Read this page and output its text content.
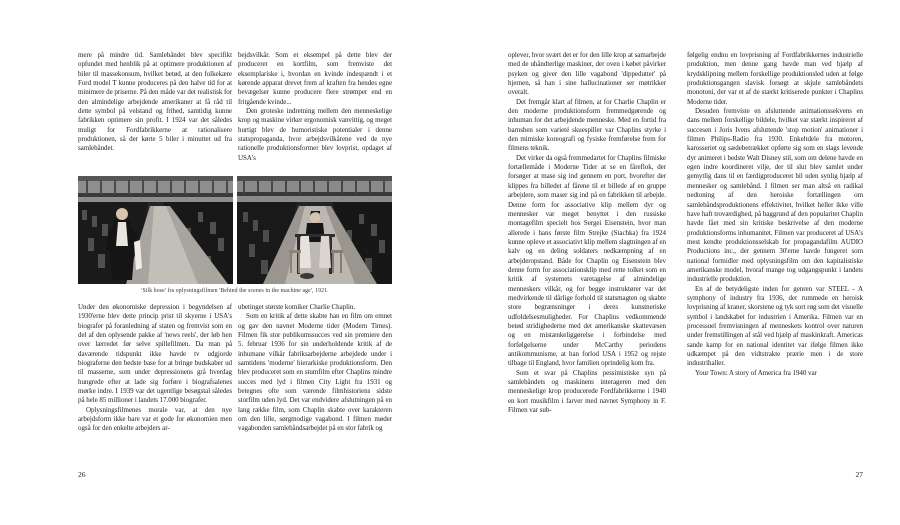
mere på mindre tid. Samlebåndet blev specifikt opfundet med henblik på at optimere produktionen af biler til massekonsum, hvilket betød, at den folkekære Ford model T kunne produceres på den halve tid for at minimere de priserne. På den måde var det realistisk for den almindelige arbejdende amerikaner at få råd til dette symbol på velstand og frihed, samtidig kunne fabrikken optimere sin profit. I 1924 var det således muligt for Fordfabrikkerne at rationalisere produktionen, så der kørte 5 biler i minuttet ud fra samlebåndet.

bejdsvilkår. Som et eksempel på dette blev der produceret en kortfilm, som fremviste det eksemplariske i, hvordan en kvinde indespændt i et kørende apparat drevet frem af kraften fra hendes egne bevægelser kunne producere flere strømper end en fritgående kvinde...

Den groteske indretning mellem den menneskelige krop og maskine virker ergonomisk vanvittig, og meget hurtigt blev de humoristiske potentialer i denne statspropaganda, hvor arbejdsvilkårene ved de nye rationelle produktionsformer blev lovprist, opdaget af USA's

'Silk hose' fra oplysningsfilmen 'Behind the scenes in the machine age', 1921.

Under den økonomiske depression i begyndelsen af 1930'erne blev dette princip prist til skyerne i USA's biografer på foranledning af staten og fremvist som en del af den oplysende pakke af 'news reels', der løb hen over lærredet før selve spillefilmen. Da man på daværende tidspunkt ikke havde tv udgjorde biograferne den bedste base for at bringe budskaber ud til masserne, som under depressionens grå hverdag hungrede efter at lade sig forføre i biografsalenes mørke indre. I 1939 var det ugentlige besøgstal således på hele 85 millioner i landets 17.000 biografer.

Oplysningsfilmenes morale var, at den nye arbejdsform ikke bare var et gode for økonomien men også for den enkelte arbejders ar-

ubetinget største komiker Charlie Chaplin.

Som en kritik af dette skabte han en film om emnet og gav den navnet Moderne tider (Modern Times). Filmen fik stor publikumssucces ved sin premiere den 5. februar 1936 for sin underholdende kritik af de inhumane vilkår fabriksarbejderne arbejdede under i samtidens 'moderne' hierarkiske produktionsform. Den blev produceret som en stumfilm efter Chaplins mindre succes med lyd i filmen City Light fra 1931 og betegnes ofte som værende filmhistoriens sidste storfilm uden lyd. Det var endvidere afslutningen på en lang række film, som Chaplin skabte over karakteren om den lille, sørgmodige vagabond. I filmen møder vagabonden samlebåndsarbejdet på en stor fabrik og

26

oplever, hvor svært det er for den lille krop at samarbejde med de uhåndterlige maskiner, der oven i købet påvirker psyken og giver den lille vagabond 'dippedutter' på hjernen, så han i sine hallucinationer ser møtrikker overalt.

Det fremgår klart af filmen, at for Charlie Chaplin er den moderne produktionsform fremmedgørende og inhuman for det arbejdende menneske. Med en fortid fra barnsben som varieté skuespiller var Chaplins styrke i den mimiske koreografi og fysiske fremførelse frem for filmens teknik.

Det virker da også fremmedartet for Chaplins filmiske fortællemåde i Moderne Tider at se en fåreflok, der forsøger at mase sig ind gennem en port, hvorefter der klippes fra billedet af fårene til et billede af en gruppe arbejdere, som maser sig ind på en fabrikken til arbejde. Denne form for associative klip mellem dyr og mennesker var meget benyttet i den russiske montagefilm specielt hos Sergei Eisenstein, hvor man allerede i hans første film Strejke (Stachka) fra 1924 kunne opleve et associativt klip mellem slagtningen af en kalv og en deling soldaters nedkæmpning af en arbejderopstand. Både for Chaplin og Eisenstein blev denne form for associationsklip med rette tolket som en kritik af systemets varetagelse af almindelige menneskers vilkår, og for begge instruktører var det medvirkende til dårlige forhold til statsmagten og skabte store begrænsninger i deres kunstneriske udfoldelsesmuligheder. For Chaplins vedkommende betød stridighederne med det amerikanske skattevæsen og en mistænkeliggørelse i forbindelse med forfølgelserne under McCarthy periodens antikommunisme, at han forlod USA i 1952 og rejste tilbage til England, hvor familien oprindelig kom fra.

Som et svar på Chaplins pessimistiske syn på samlebåndets og maskinens interageren med den menneskelige krop producerede Fordfabrikkerne i 1940 en kort musikfilm i farver med navnet Symphony in F. Filmen var sub-

følgelig endnu en lovprisning af Fordfabrikkernes industrielle produktion, men denne gang havde man ved hjælp af krydsklipning mellem forskellige produktionsled uden at følge produktionsgangen slavisk forsøgt at skjule samlebåndets monotoni, der var et af de stærkt kritiserede punkter i Chaplins Moderne tider.

Desuden fremviste en afsluttende animationssekvens en dans mellem forskellige bildele, hvilket var stærkt inspireret af succesen i Joris Ivens afsluttende 'stop motion' animationer i filmen Philips-Radio fra 1930. Enkeltdele fra motoren, karosseriet og sædebetrækket opførte sig som en slags levende dyr animeret i bedste Walt Disney stil, som om delene havde en egen indre koordineret vilje, der til slut blev samlet under gemytlig dans til en færdigproduceret bil uden synlig hjælp af mennesker og samlebånd. I filmen ser man altså en radikal nedtoning af den heroiske fortællingen om samlebåndsproduktionens effektivitet, hvilket heller ikke ville have haft troværdighed, på baggrund af den popularitet Chaplin havde fået med sin kritiske beskrivelse af den moderne produktionsforms inhumanitet. Filmen var produceret af USA's mest kendte produktionsselskab for propagandafilm AUDIO Productions inc., der gennem 30'erne havde fungeret som national formidler med oplysningsfilm om den kapitalistiske amerikanske model, hvoraf mange tog udgangspunkt i landets industrielle produktion.

En af de betydeligste inden for genren var STEEL - A symphony of industry fra 1936, der rummede en heroisk lovprisning af kraner, skorstene og tyk sort røg som det visuelle symbol i landskabet for industrien i Amerika. Filmen var en processuel fremvisningen af menneskets kontrol over naturen under fremstillingen af stål ved hjælp af maskinkraft. Americas sande kamp for en national identitet var ifølge filmen ikke udkæmpet på den vidtstrakte prærie men i de store industrihaller.

Your Town: A story of America fra 1940 var

27
